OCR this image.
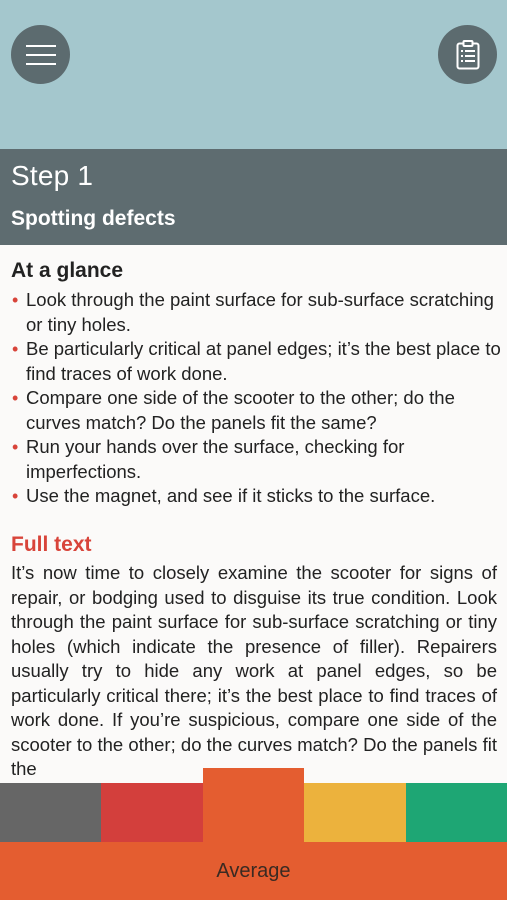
Step 1
Spotting defects
At a glance
• Look through the paint surface for sub-surface scratching or tiny holes.
• Be particularly critical at panel edges; it’s the best place to find traces of work done.
• Compare one side of the scooter to the other; do the curves match? Do the panels fit the same?
• Run your hands over the surface, checking for imperfections.
• Use the magnet, and see if it sticks to the surface.
Full text
It’s now time to closely examine the scooter for signs of repair, or bodging used to disguise its true condition. Look through the paint surface for sub-surface scratching or tiny holes (which indicate the presence of filler). Repairers usually try to hide any work at panel edges, so be particularly critical there; it’s the best place to find traces of work done. If you’re suspicious, compare one side of the scooter to the other; do the curves match? Do the panels fit the
Average
